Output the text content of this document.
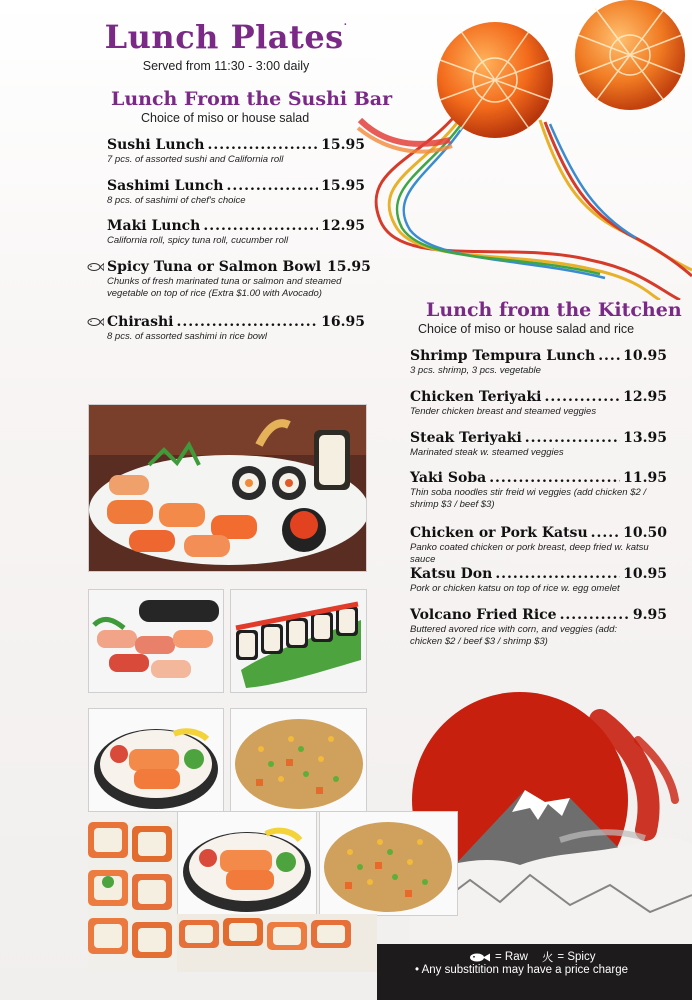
Lunch Plates.
Served from 11:30 - 3:00 daily
Lunch From the Sushi Bar
Choice of miso or house salad
Sushi Lunch .....	15.95
7 pcs. of assorted sushi and California roll
Sashimi Lunch .....	15.95
8 pcs. of sashimi of chef's choice
Maki Lunch .....	12.95
California roll, spicy tuna roll, cucumber roll
Spicy Tuna or Salmon Bowl 15.95
Chunks of fresh marinated tuna or salmon and steamed vegetable on top of rice (Extra $1.00 with Avocado)
Chirashi .....	16.95
8 pcs. of assorted sashimi in rice bowl
Lunch from the Kitchen
Choice of miso or house salad and rice
Shrimp Tempura Lunch ..... 10.95
3 pcs. shrimp, 3 pcs. vegetable
Chicken Teriyaki .....	12.95
Tender chicken breast and steamed veggies
Steak Teriyaki .....	13.95
Marinated steak w. steamed veggies
Yaki Soba .....	11.95
Thin soba noodles stir freid wi veggies (add chicken $2 / shrimp $3 / beef $3)
Chicken or Pork Katsu .....	10.50
Panko coated chicken or pork breast, deep fried w. katsu sauce
Katsu Don .....	10.95
Pork or chicken katsu on top of rice w. egg omelet
Volcano Fried Rice .....	9.95
Buttered avored rice with corn, and veggies (add: chicken $2 / beef $3 / shrimp $3)
= Raw 火 = Spicy
• Any substitition may have a price charge
